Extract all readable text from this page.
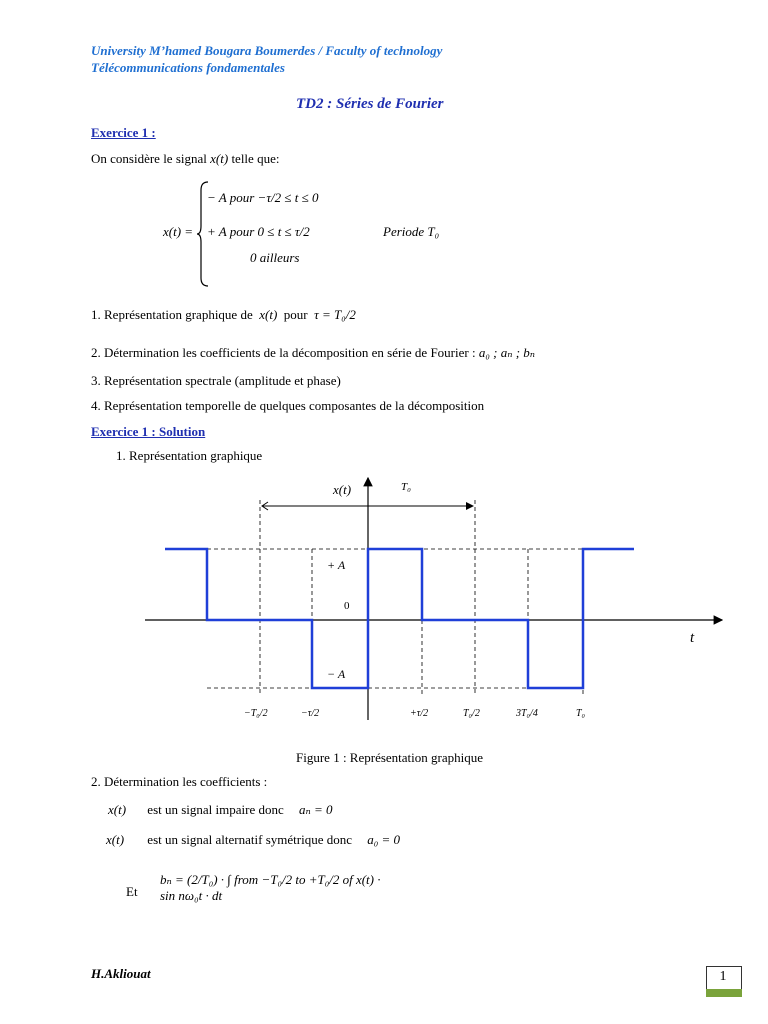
University M’hamed Bougara Boumerdes / Faculty of technology
Télécommunications fondamentales
TD2 : Séries de Fourier
Exercice 1 :
On considère le signal x(t) telle que:
x(t) =
− A pour −τ/2 ≤ t ≤ 0
+ A pour 0 ≤ t ≤ τ/2	Periode T₀
0 ailleurs
1. Représentation graphique de x(t) pour τ = T₀/2
2. Détermination les coefficients de la décomposition en série de Fourier : a₀ ; aₙ ; bₙ
3. Représentation spectrale (amplitude et phase)
4. Représentation temporelle de quelques composantes de la décomposition
Exercice 1 : Solution
1. Représentation graphique
x(t)	T₀
t
+ A
0
− A
−T₀/2	−τ/2	+τ/2	T₀/2	3T₀/4	T₀
Figure 1 : Représentation graphique
2. Détermination les coefficients :
x(t) est un signal impaire donc aₙ = 0
x(t) est un signal alternatif symétrique donc a₀ = 0
Et
bₙ = (2/T₀) · ∫ from −T₀/2 to +T₀/2 of x(t) · sin nω₀t · dt
H.Akliouat	1
